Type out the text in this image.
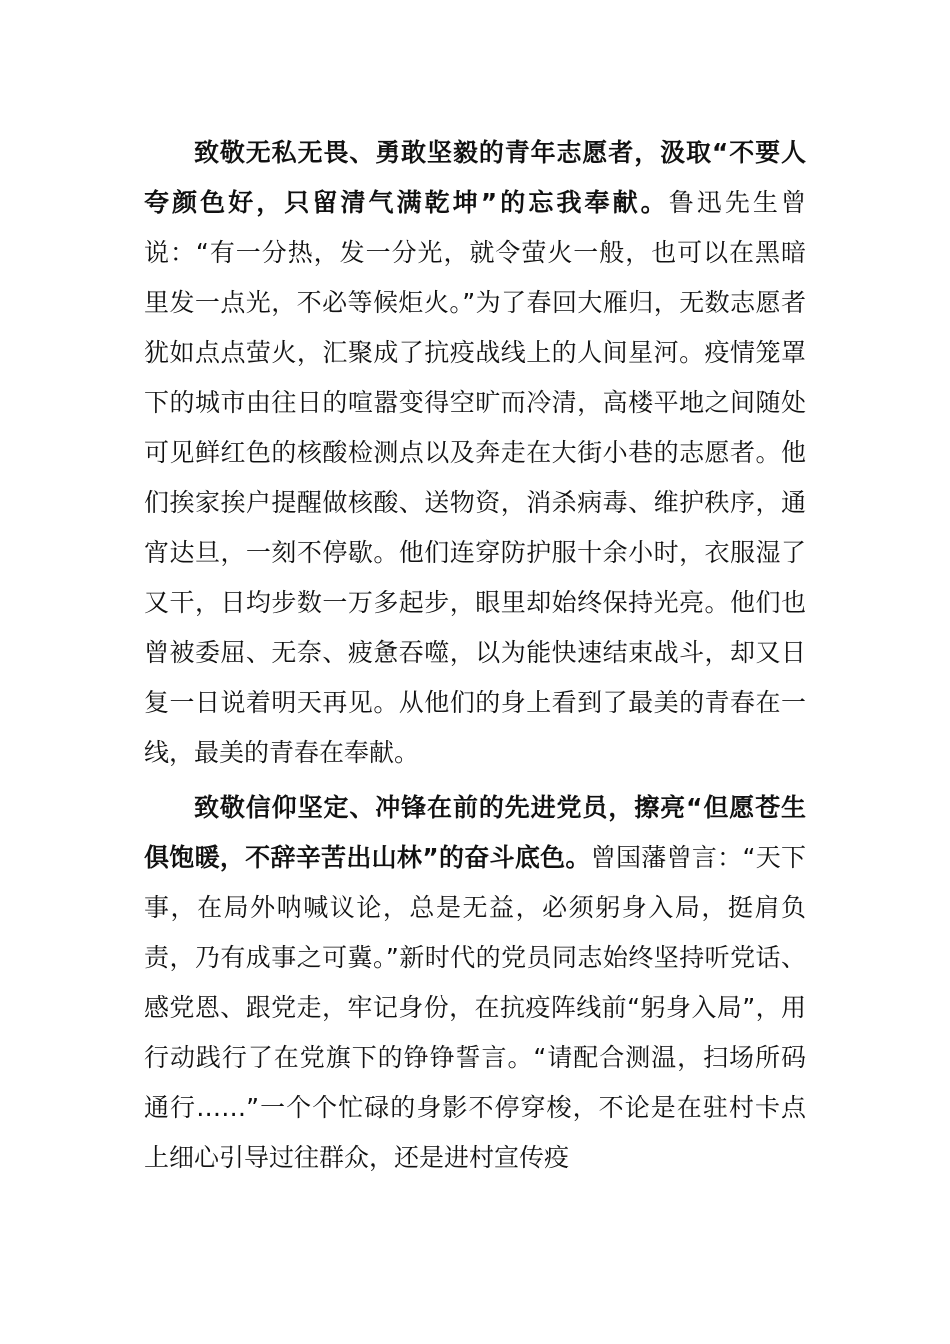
致敬无私无畏、勇敢坚毅的青年志愿者，汲取“不要人夸颜色好，只留清气满乾坤”的忘我奉献。鲁迅先生曾说：“有一分热，发一分光，就令萤火一般，也可以在黑暗里发一点光，不必等候炬火。”为了春回大雁归，无数志愿者犹如点点萤火，汇聚成了抗疫战线上的人间星河。疫情笼罩下的城市由往日的喧嚣变得空旷而冷清，高楼平地之间随处可见鲜红色的核酸检测点以及奔走在大街小巷的志愿者。他们挨家挨户提醒做核酸、送物资，消杀病毒、维护秩序，通宵达旦，一刻不停歇。他们连穿防护服十余小时，衣服湿了又干，日均步数一万多起步，眼里却始终保持光亮。他们也曾被委屈、无奈、疲惫吞噬，以为能快速结束战斗，却又日复一日说着明天再见。从他们的身上看到了最美的青春在一线，最美的青春在奉献。

致敬信仰坚定、冲锋在前的先进党员，擦亮“但愿苍生俱饱暖，不辞辛苦出山林”的奋斗底色。曾国藩曾言：“天下事，在局外呐喊议论，总是无益，必须躬身入局，挺肩负责，乃有成事之可冀。”新时代的党员同志始终坚持听党话、感党恩、跟党走，牢记身份，在抗疫阵线前“躬身入局”，用行动践行了在党旗下的铮铮誓言。“请配合测温，扫场所码通行……”一个个忙碌的身影不停穿梭，不论是在驻村卡点上细心引导过往群众，还是进村宣传疫
